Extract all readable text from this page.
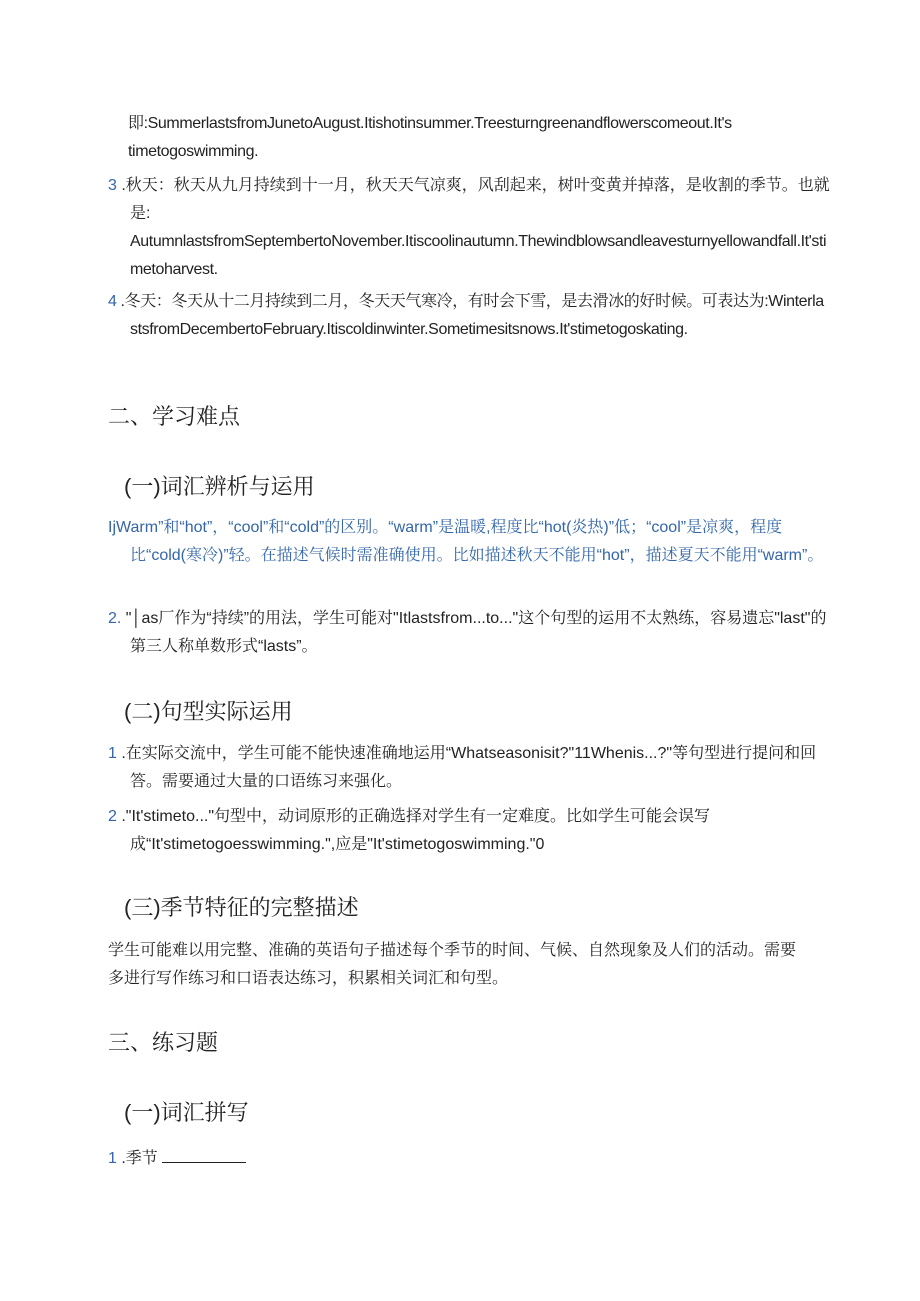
即:SummerlastsfromJunetoAugust.Itishotinsummer.Treesturngreenandflowerscomeout.It's
timetogoswimming.
3 .秋天：秋天从九月持续到十一月，秋天天气凉爽，风刮起来，树叶变黄并掉落，是收割的季节。也就是:
AutumnlastsfromSeptembertoNovember.Itiscoolinautumn.Thewindblowsandleavesturnyellowandfall.It'stimetoharvest.
4 .冬天：冬天从十二月持续到二月，冬天天气寒冷，有时会下雪，是去滑冰的好时候。可表达为:WinterlastsfromDecembertoFebruary.Itiscoldinwinter.Sometimesitsnows.It'stimetogoskating.
二、学习难点
(一)词汇辨析与运用
IjWarm”和“hot”，“cool”和“cold”的区别。“warm”是温暖,程度比“hot(炎热)”低；“cool”是凉爽，程度比“cold(寒冷)”轻。在描述气候时需准确使用。比如描述秋天不能用“hot”，描述夏天不能用“warm”。
2. "│as厂作为“持续”的用法，学生可能对"Itlastsfrom...to..."这个句型的运用不太熟练，容易遗忘"last"的第三人称单数形式“lasts”。
(二)句型实际运用
1 .在实际交流中，学生可能不能快速准确地运用“Whatseasonisit?"11Whenis...?"等句型进行提问和回答。需要通过大量的口语练习来强化。
2 ."It'stimeto..."句型中，动词原形的正确选择对学生有一定难度。比如学生可能会误写成“It'stimetogoesswimming.",应是"It'stimetogoswimming."0
(三)季节特征的完整描述
学生可能难以用完整、准确的英语句子描述每个季节的时间、气候、自然现象及人们的活动。需要多进行写作练习和口语表达练习，积累相关词汇和句型。
三、练习题
(一)词汇拼写
1 .季节
